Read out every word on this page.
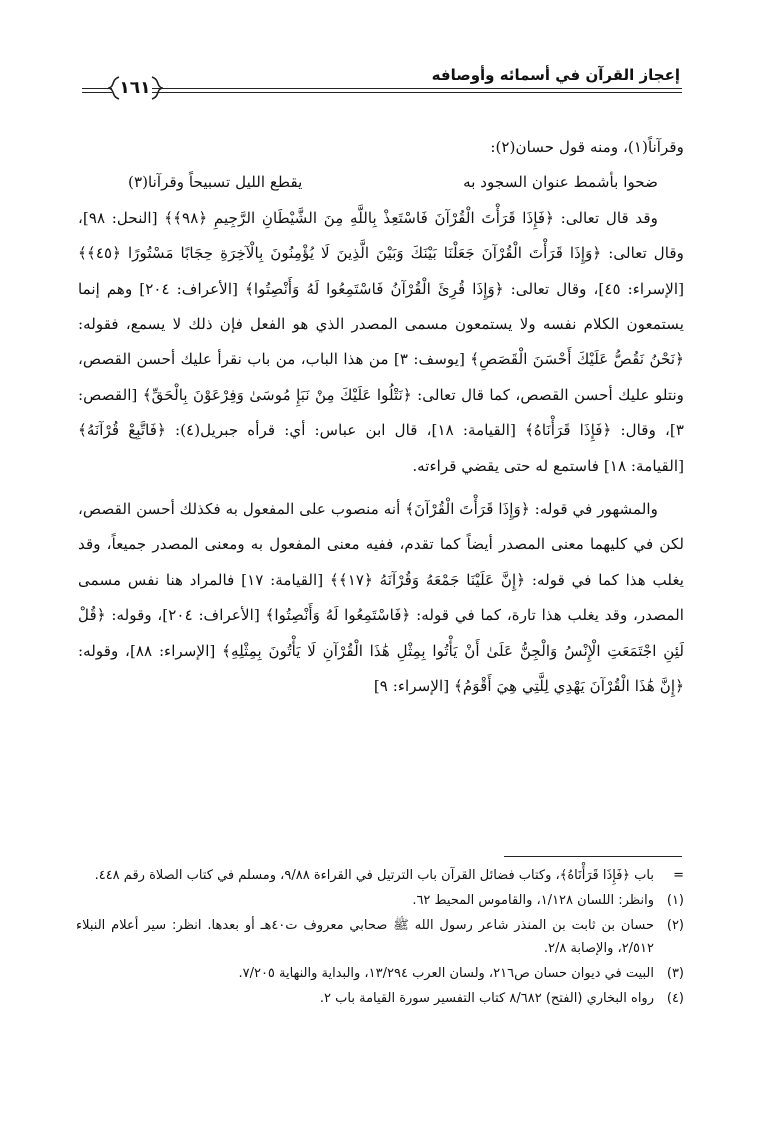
١٦١
إعجاز القرآن في أسمائه وأوصافه

وقرآناً(١)، ومنه قول حسان(٢):

ضحوا بأشمط عنوان السجود به
يقطع الليل تسبيحاً وقرآنا(٣)

وقد قال تعالى: ﴿فَإِذَا قَرَأْتَ الْقُرْآنَ فَاسْتَعِذْ بِاللَّهِ مِنَ الشَّيْطَانِ الرَّجِيمِ ﴿٩٨﴾﴾ [النحل: ٩٨]، وقال تعالى: ﴿وَإِذَا قَرَأْتَ الْقُرْآنَ جَعَلْنَا بَيْنَكَ وَبَيْنَ الَّذِينَ لَا يُؤْمِنُونَ بِالْآخِرَةِ حِجَابًا مَسْتُورًا ﴿٤٥﴾﴾ [الإسراء: ٤٥]، وقال تعالى: ﴿وَإِذَا قُرِئَ الْقُرْآنُ فَاسْتَمِعُوا لَهُ وَأَنْصِتُوا﴾ [الأعراف: ٢٠٤] وهم إنما يستمعون الكلام نفسه ولا يستمعون مسمى المصدر الذي هو الفعل فإن ذلك لا يسمع، فقوله: ﴿نَحْنُ نَقُصُّ عَلَيْكَ أَحْسَنَ الْقَصَصِ﴾ [يوسف: ٣] من هذا الباب، من باب نقرأ عليك أحسن القصص، ونتلو عليك أحسن القصص، كما قال تعالى: ﴿نَتْلُوا عَلَيْكَ مِنْ نَبَإِ مُوسَىٰ وَفِرْعَوْنَ بِالْحَقِّ﴾ [القصص: ٣]، وقال: ﴿فَإِذَا قَرَأْنَاهُ﴾ [القيامة: ١٨]، قال ابن عباس: أي: قرأه جبريل(٤): ﴿فَاتَّبِعْ قُرْآنَهُ﴾ [القيامة: ١٨] فاستمع له حتى يقضي قراءته.

والمشهور في قوله: ﴿وَإِذَا قَرَأْتَ الْقُرْآنَ﴾ أنه منصوب على المفعول به فكذلك أحسن القصص، لكن في كليهما معنى المصدر أيضاً كما تقدم، ففيه معنى المفعول به ومعنى المصدر جميعاً، وقد يغلب هذا كما في قوله: ﴿إِنَّ عَلَيْنَا جَمْعَهُ وَقُرْآنَهُ ﴿١٧﴾﴾ [القيامة: ١٧] فالمراد هنا نفس مسمى المصدر، وقد يغلب هذا تارة، كما في قوله: ﴿فَاسْتَمِعُوا لَهُ وَأَنْصِتُوا﴾ [الأعراف: ٢٠٤]، وقوله: ﴿قُلْ لَئِنِ اجْتَمَعَتِ الْإِنْسُ وَالْجِنُّ عَلَىٰ أَنْ يَأْتُوا بِمِثْلِ هَٰذَا الْقُرْآنِ لَا يَأْتُونَ بِمِثْلِهِ﴾ [الإسراء: ٨٨]، وقوله: ﴿إِنَّ هَٰذَا الْقُرْآنَ يَهْدِي لِلَّتِي هِيَ أَقْوَمُ﴾ [الإسراء: ٩]

=
باب ﴿فَإِذَا قَرَأْنَاهُ﴾، وكتاب فضائل القرآن باب الترتيل في القراءة ٩/٨٨، ومسلم في كتاب الصلاة رقم ٤٤٨.
(١)
وانظر: اللسان ١/١٢٨، والقاموس المحيط ٦٢.
(٢)
حسان بن ثابت بن المنذر شاعر رسول الله ﷺ صحابي معروف ت٤٠هـ أو بعدها. انظر: سير أعلام النبلاء ٢/٥١٢، والإصابة ٢/٨.
(٣)
البيت في ديوان حسان ص٢١٦، ولسان العرب ١٣/٢٩٤، والبداية والنهاية ٧/٢٠٥.
(٤)
رواه البخاري (الفتح) ٨/٦٨٢ كتاب التفسير سورة القيامة باب ٢.
